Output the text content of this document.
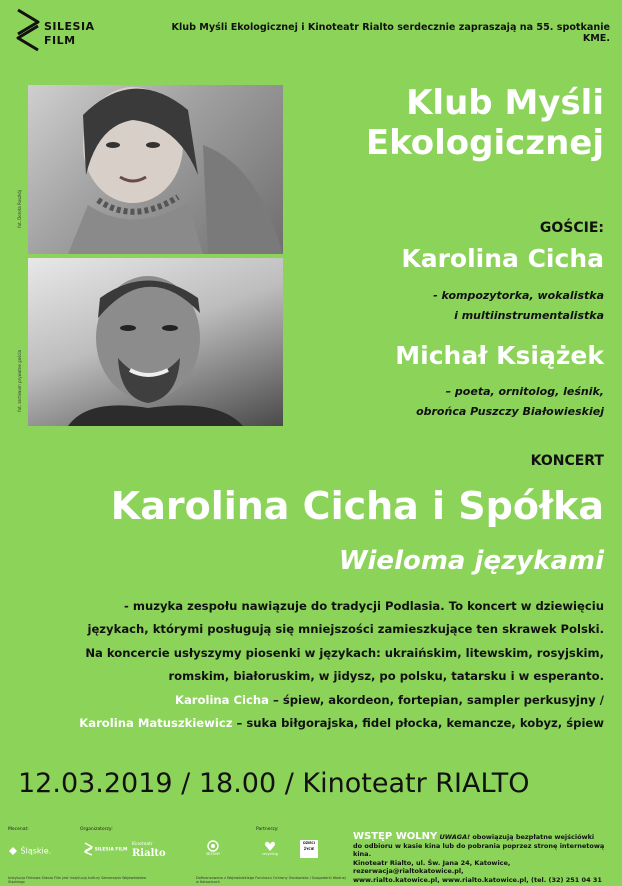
SILESIA
FILM
Klub Myśli Ekologicznej i Kinoteatr Rialto serdecznie zapraszają na 55. spotkanie KME.
fot. Dorota Roszkój
fot. archiwum prywatne gościa
Klub Myśli
Ekologicznej
GOŚCIE:
Karolina Cicha
- kompozytorka, wokalistka
i multiinstrumentalistka
Michał Książek
– poeta, ornitolog, leśnik,
obrońca Puszczy Białowieskiej
KONCERT
Karolina Cicha i Spółka
Wieloma językami
- muzyka zespołu nawiązuje do tradycji Podlasia. To koncert w dziewięciu
językach, którymi posługują się mniejszości zamieszkujące ten skrawek Polski.
Na koncercie usłyszymy piosenki w językach: ukraińskim, litewskim, rosyjskim,
romskim, białoruskim, w jidysz, po polsku, tatarsku i w esperanto.
Karolina Cicha – śpiew, akordeon, fortepian, sampler perkusyjny /
Karolina Matuszkiewicz – suka biłgorajska, fidel płocka, kemancze, kobyz, śpiew
12.03.2019 / 18.00 / Kinoteatr RIALTO
Mecenat:	Organizatorzy:	Partnerzy:
Śląskie.	SILESIA FILM
Kinoteatr
Rialto	SEZONY	recycling
DZIECI ŻYCIE
Instytucja Filmowa Silesia Film jest instytucją kultury Samorządu Województwa Śląskiego
Dofinansowano z Wojewódzkiego Funduszu Ochrony Środowiska i Gospodarki Wodnej w Katowicach
WSTĘP WOLNY UWAGA! obowiązują bezpłatne wejściówki
do odbioru w kasie kina lub do pobrania poprzez stronę internetową kina.
Kinoteatr Rialto, ul. Św. Jana 24, Katowice, rezerwacja@rialtokatowice.pl,
www.rialto.katowice.pl, www.rialto.katowice.pl, (tel. (32) 251 04 31
